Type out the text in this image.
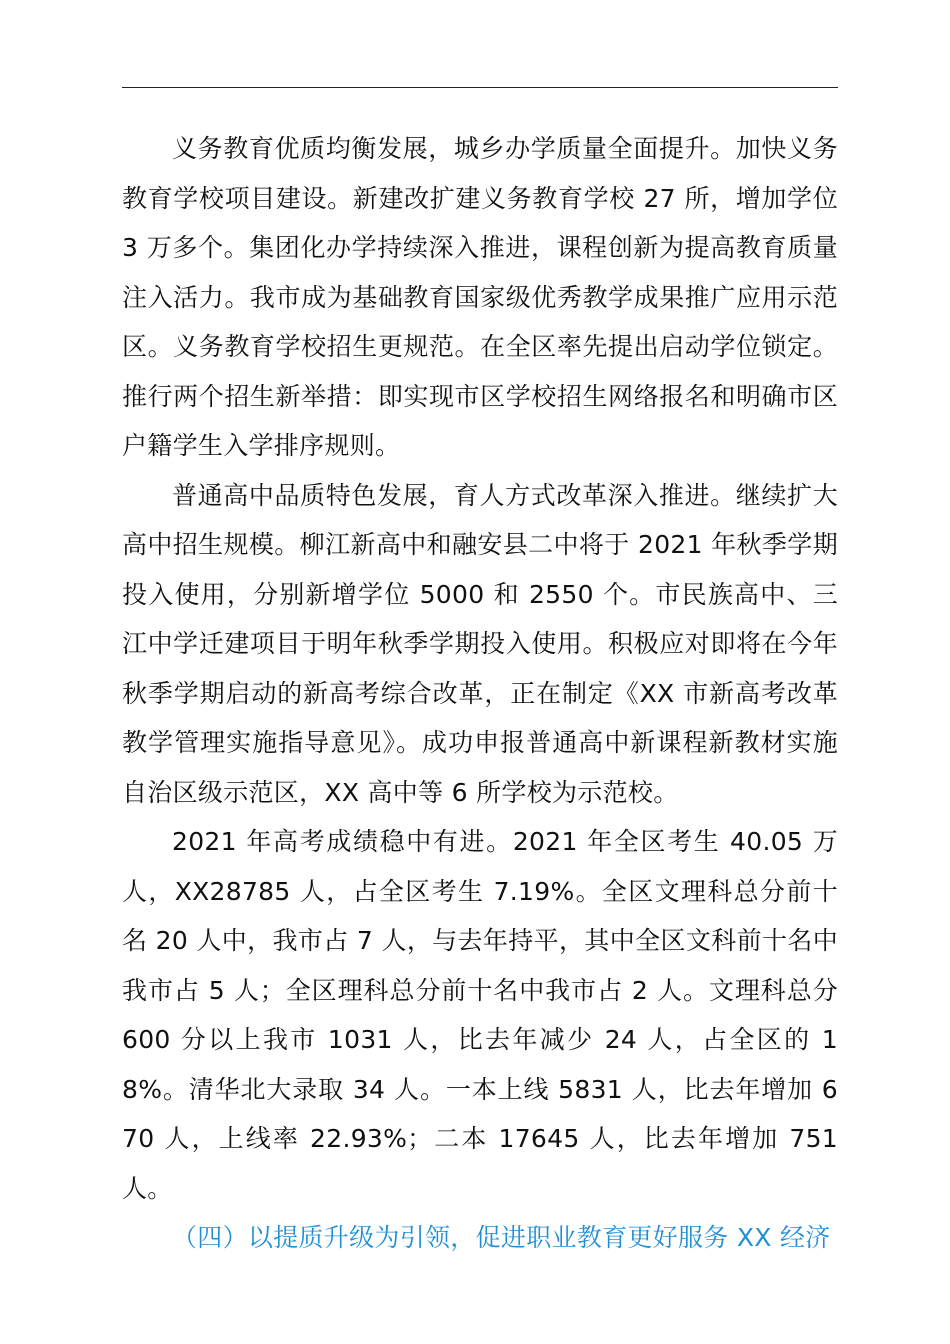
义务教育优质均衡发展，城乡办学质量全面提升。加快义务教育学校项目建设。新建改扩建义务教育学校 27 所，增加学位 3 万多个。集团化办学持续深入推进，课程创新为提高教育质量注入活力。我市成为基础教育国家级优秀教学成果推广应用示范区。义务教育学校招生更规范。在全区率先提出启动学位锁定。推行两个招生新举措：即实现市区学校招生网络报名和明确市区户籍学生入学排序规则。

普通高中品质特色发展，育人方式改革深入推进。继续扩大高中招生规模。柳江新高中和融安县二中将于 2021 年秋季学期投入使用，分别新增学位 5000 和 2550 个。市民族高中、三江中学迁建项目于明年秋季学期投入使用。积极应对即将在今年秋季学期启动的新高考综合改革，正在制定《XX 市新高考改革教学管理实施指导意见》。成功申报普通高中新课程新教材实施自治区级示范区，XX 高中等 6 所学校为示范校。

2021 年高考成绩稳中有进。2021 年全区考生 40.05 万人，XX28785 人，占全区考生 7.19%。全区文理科总分前十名 20 人中，我市占 7 人，与去年持平，其中全区文科前十名中我市占 5 人；全区理科总分前十名中我市占 2 人。文理科总分 600 分以上我市 1031 人，比去年减少 24 人，占全区的 18%。清华北大录取 34 人。一本上线 5831 人，比去年增加 670 人，上线率 22.93%；二本 17645 人，比去年增加 751 人。

（四）以提质升级为引领，促进职业教育更好服务 XX 经济
